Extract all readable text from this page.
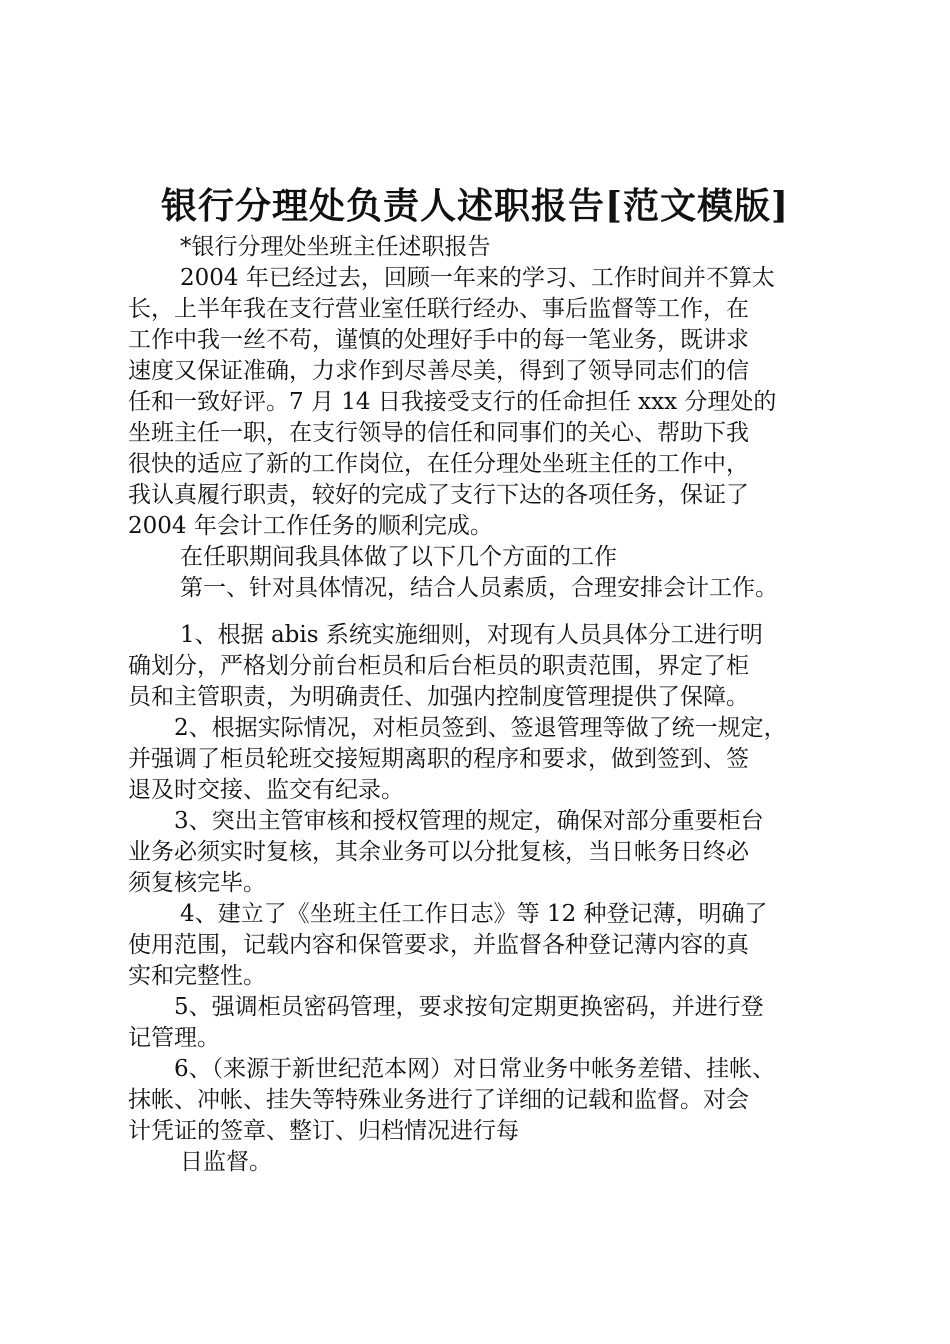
银行分理处负责人述职报告[范文模版]
*银行分理处坐班主任述职报告
2004 年已经过去，回顾一年来的学习、工作时间并不算太
长，上半年我在支行营业室任联行经办、事后监督等工作，在
工作中我一丝不苟，谨慎的处理好手中的每一笔业务，既讲求
速度又保证准确，力求作到尽善尽美，得到了领导同志们的信
任和一致好评。7 月 14 日我接受支行的任命担任 xxx 分理处的
坐班主任一职，在支行领导的信任和同事们的关心、帮助下我
很快的适应了新的工作岗位，在任分理处坐班主任的工作中，
我认真履行职责，较好的完成了支行下达的各项任务，保证了
2004 年会计工作任务的顺利完成。
在任职期间我具体做了以下几个方面的工作
第一、针对具体情况，结合人员素质，合理安排会计工作。
1、根据 abis 系统实施细则，对现有人员具体分工进行明
确划分，严格划分前台柜员和后台柜员的职责范围，界定了柜
员和主管职责，为明确责任、加强内控制度管理提供了保障。
2、根据实际情况，对柜员签到、签退管理等做了统一规定，
并强调了柜员轮班交接短期离职的程序和要求，做到签到、签
退及时交接、监交有纪录。
3、突出主管审核和授权管理的规定，确保对部分重要柜台
业务必须实时复核，其余业务可以分批复核，当日帐务日终必
须复核完毕。
4、建立了《坐班主任工作日志》等 12 种登记薄，明确了
使用范围，记载内容和保管要求，并监督各种登记薄内容的真
实和完整性。
5、强调柜员密码管理，要求按旬定期更换密码，并进行登
记管理。
6、（来源于新世纪范本网）对日常业务中帐务差错、挂帐、
抹帐、冲帐、挂失等特殊业务进行了详细的记载和监督。对会
计凭证的签章、整订、归档情况进行每
日监督。
